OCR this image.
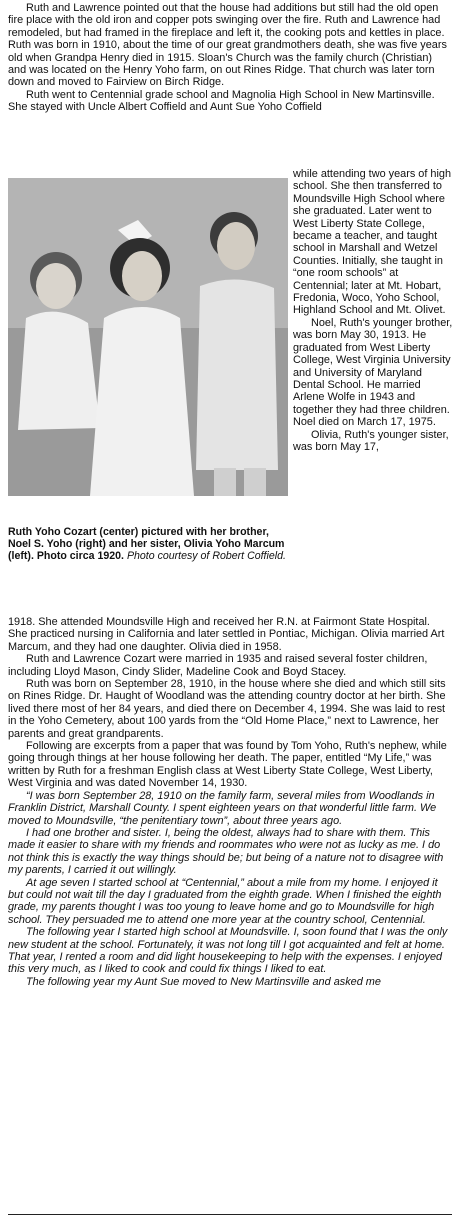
Ruth and Lawrence pointed out that the house had additions but still had the old open fire place with the old iron and copper pots swinging over the fire. Ruth and Lawrence had remodeled, but had framed in the fireplace and left it, the cooking pots and kettles in place. Ruth was born in 1910, about the time of our great grandmothers death, she was five years old when Grandpa Henry died in 1915. Sloan's Church was the family church (Christian) and was located on the Henry Yoho farm, on out Rines Ridge. That church was later torn down and moved to Fairview on Birch Ridge.

Ruth went to Centennial grade school and Magnolia High School in New Martinsville. She stayed with Uncle Albert Coffield and Aunt Sue Yoho Coffield

while attending two years of high school. She then transferred to Moundsville High School where she graduated. Later went to West Liberty State College, became a teacher, and taught school in Marshall and Wetzel Counties. Initially, she taught in “one room schools” at Centennial; later at Mt. Hobart, Fredonia, Woco, Yoho School, Highland School and Mt. Olivet.

Noel, Ruth's younger brother, was born May 30, 1913. He graduated from West Liberty College, West Virginia University and University of Maryland Dental School. He married Arlene Wolfe in 1943 and together they had three children. Noel died on March 17, 1975.

Olivia, Ruth's younger sister, was born May 17,

Ruth Yoho Cozart (center) pictured with her brother, Noel S. Yoho (right) and her sister, Olivia Yoho Marcum (left). Photo circa 1920. Photo courtesy of Robert Coffield.

1918. She attended Moundsville High and received her R.N. at Fairmont State Hospital. She practiced nursing in California and later settled in Pontiac, Michigan. Olivia married Art Marcum, and they had one daughter. Olivia died in 1958.

Ruth and Lawrence Cozart were married in 1935 and raised several foster children, including Lloyd Mason, Cindy Slider, Madeline Cook and Boyd Stacey.

Ruth was born on September 28, 1910, in the house where she died and which still sits on Rines Ridge. Dr. Haught of Woodland was the attending country doctor at her birth. She lived there most of her 84 years, and died there on December 4, 1994. She was laid to rest in the Yoho Cemetery, about 100 yards from the “Old Home Place,” next to Lawrence, her parents and great grandparents.

Following are excerpts from a paper that was found by Tom Yoho, Ruth's nephew, while going through things at her house following her death. The paper, entitled “My Life,” was written by Ruth for a freshman English class at West Liberty State College, West Liberty, West Virginia and was dated November 14, 1930.

“I was born September 28, 1910 on the family farm, several miles from Woodlands in Franklin District, Marshall County. I spent eighteen years on that wonderful little farm. We moved to Moundsville, “the penitentiary town”, about three years ago.

I had one brother and sister. I, being the oldest, always had to share with them. This made it easier to share with my friends and roommates who were not as lucky as me. I do not think this is exactly the way things should be; but being of a nature not to disagree with my parents, I carried it out willingly.

At age seven I started school at “Centennial,” about a mile from my home. I enjoyed it but could not wait till the day I graduated from the eighth grade. When I finished the eighth grade, my parents thought I was too young to leave home and go to Moundsville for high school. They persuaded me to attend one more year at the country school, Centennial.

The following year I started high school at Moundsville. I, soon found that I was the only new student at the school. Fortunately, it was not long till I got acquainted and felt at home. That year, I rented a room and did light housekeeping to help with the expenses. I enjoyed this very much, as I liked to cook and could fix things I liked to eat.

The following year my Aunt Sue moved to New Martinsville and asked me
